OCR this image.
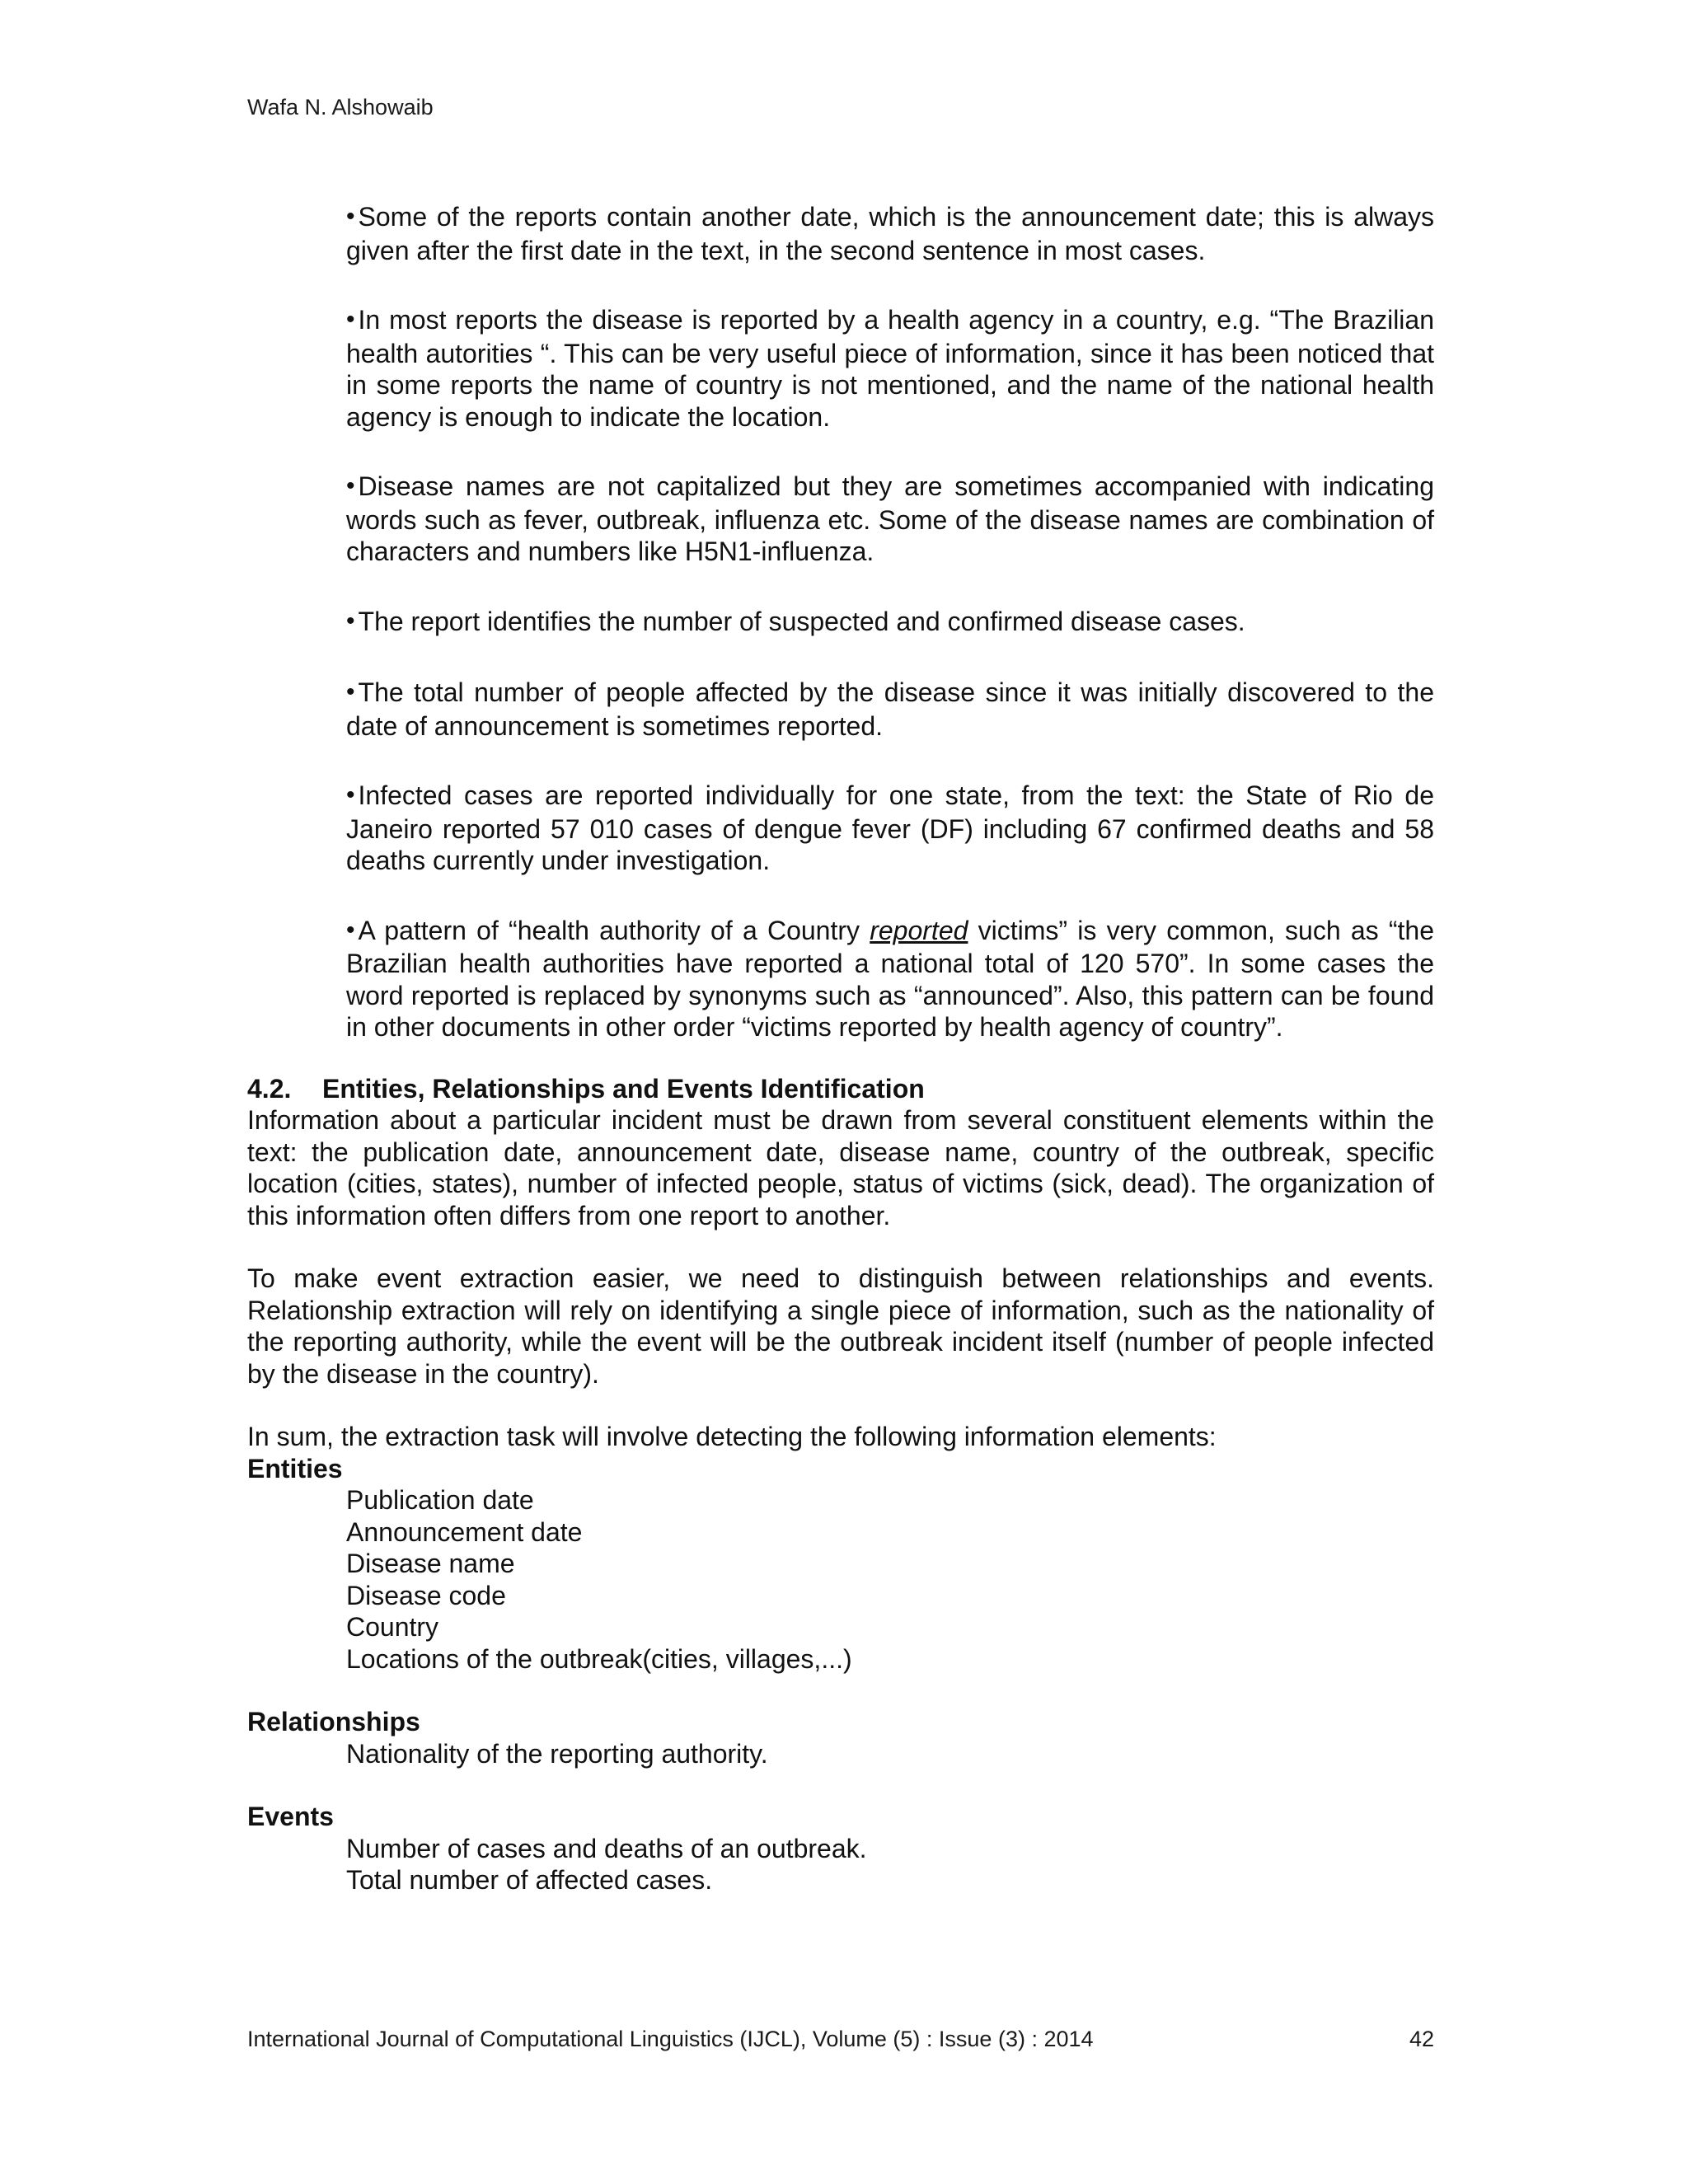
Wafa N. Alshowaib

• Some of the reports contain another date, which is the announcement date; this is always given after the first date in the text, in the second sentence in most cases.

• In most reports the disease is reported by a health agency in a country, e.g. “The Brazilian health autorities “. This can be very useful piece of information, since it has been noticed that in some reports the name of country is not mentioned, and the name of the national health agency is enough to indicate the location.

• Disease names are not capitalized but they are sometimes accompanied with indicating words such as fever, outbreak, influenza etc. Some of the disease names are combination of characters and numbers like H5N1-influenza.

• The report identifies the number of suspected and confirmed disease cases.

• The total number of people affected by the disease since it was initially discovered to the date of announcement is sometimes reported.

• Infected cases are reported individually for one state, from the text: the State of Rio de Janeiro reported 57 010 cases of dengue fever (DF) including 67 confirmed deaths and 58 deaths currently under investigation.

• A pattern of “health authority of a Country reported victims” is very common, such as “the Brazilian health authorities have reported a national total of 120 570”. In some cases the word reported is replaced by synonyms such as “announced”. Also, this pattern can be found in other documents in other order “victims reported by health agency of country”.

4.2.	Entities, Relationships and Events Identification

Information about a particular incident must be drawn from several constituent elements within the text: the publication date, announcement date, disease name, country of the outbreak, specific location (cities, states), number of infected people, status of victims (sick, dead). The organization of this information often differs from one report to another.

To make event extraction easier, we need to distinguish between relationships and events. Relationship extraction will rely on identifying a single piece of information, such as the nationality of the reporting authority, while the event will be the outbreak incident itself (number of people infected by the disease in the country).

In sum, the extraction task will involve detecting the following information elements:

Entities

Publication date
Announcement date
Disease name
Disease code
Country
Locations of the outbreak(cities, villages,...)

Relationships

Nationality of the reporting authority.

Events

Number of cases and deaths of an outbreak.
Total number of affected cases.
International Journal of Computational Linguistics (IJCL), Volume (5) : Issue (3) : 2014	42
